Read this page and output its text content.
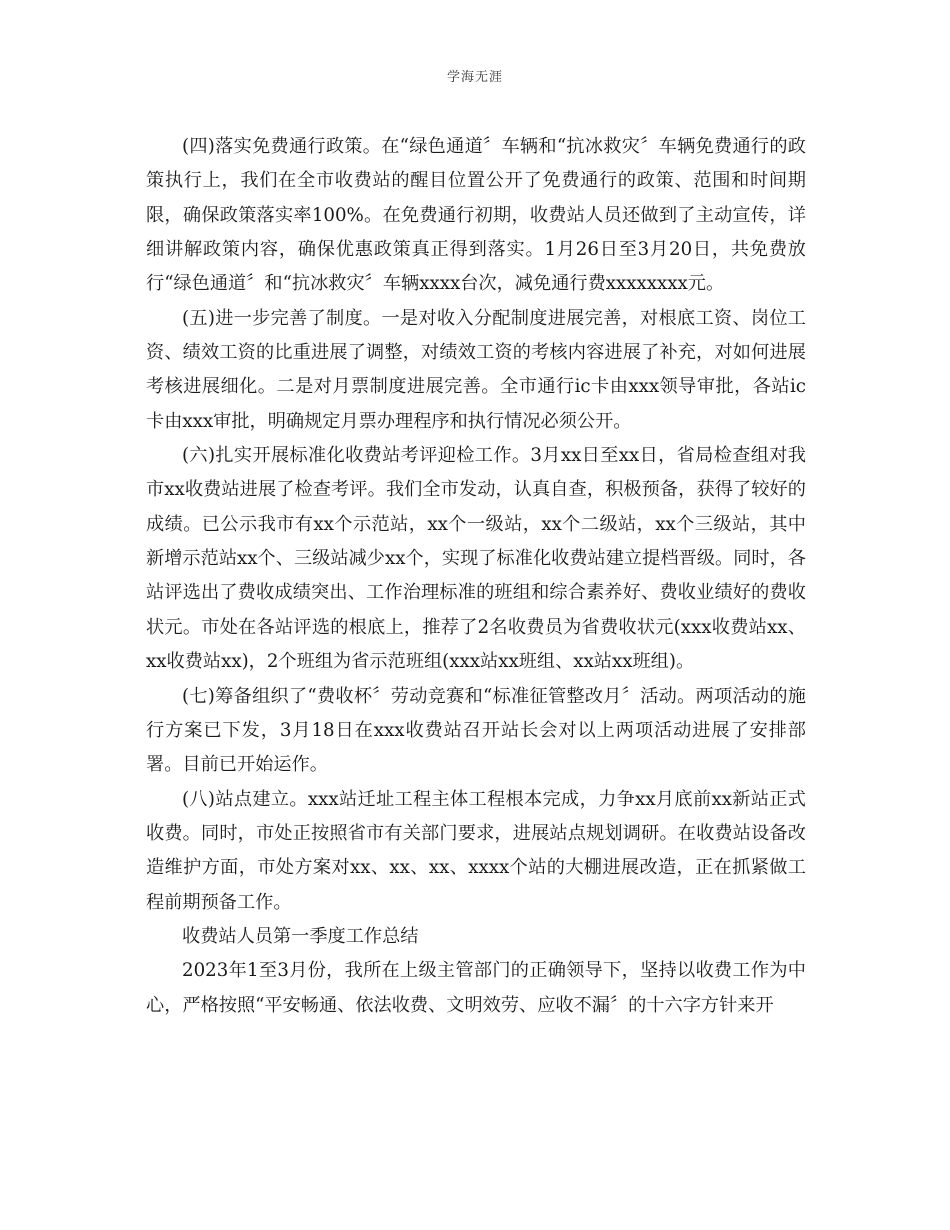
学海无涯

(四)落实免费通行政策。在“绿色通道〞车辆和“抗冰救灾〞车辆免费通行的政策执行上，我们在全市收费站的醒目位置公开了免费通行的政策、范围和时间期限，确保政策落实率100%。在免费通行初期，收费站人员还做到了主动宣传，详细讲解政策内容，确保优惠政策真正得到落实。1月26日至3月20日，共免费放行“绿色通道〞和“抗冰救灾〞车辆xxxx台次，减免通行费xxxxxxxx元。

(五)进一步完善了制度。一是对收入分配制度进展完善，对根底工资、岗位工资、绩效工资的比重进展了调整，对绩效工资的考核内容进展了补充，对如何进展考核进展细化。二是对月票制度进展完善。全市通行ic卡由xxx领导审批，各站ic卡由xxx审批，明确规定月票办理程序和执行情况必须公开。

(六)扎实开展标准化收费站考评迎检工作。3月xx日至xx日，省局检查组对我市xx收费站进展了检查考评。我们全市发动，认真自查，积极预备，获得了较好的成绩。已公示我市有xx个示范站，xx个一级站，xx个二级站，xx个三级站，其中新增示范站xx个、三级站减少xx个，实现了标准化收费站建立提档晋级。同时，各站评选出了费收成绩突出、工作治理标准的班组和综合素养好、费收业绩好的费收状元。市处在各站评选的根底上，推荐了2名收费员为省费收状元(xxx收费站xx、xx收费站xx)，2个班组为省示范班组(xxx站xx班组、xx站xx班组)。

(七)筹备组织了“费收杯〞劳动竞赛和“标准征管整改月〞活动。两项活动的施行方案已下发，3月18日在xxx收费站召开站长会对以上两项活动进展了安排部署。目前已开始运作。

(八)站点建立。xxx站迁址工程主体工程根本完成，力争xx月底前xx新站正式收费。同时，市处正按照省市有关部门要求，进展站点规划调研。在收费站设备改造维护方面，市处方案对xx、xx、xx、xxxx个站的大棚进展改造，正在抓紧做工程前期预备工作。

收费站人员第一季度工作总结

2023年1至3月份，我所在上级主管部门的正确领导下，坚持以收费工作为中心，严格按照“平安畅通、依法收费、文明效劳、应收不漏〞的十六字方针来开
